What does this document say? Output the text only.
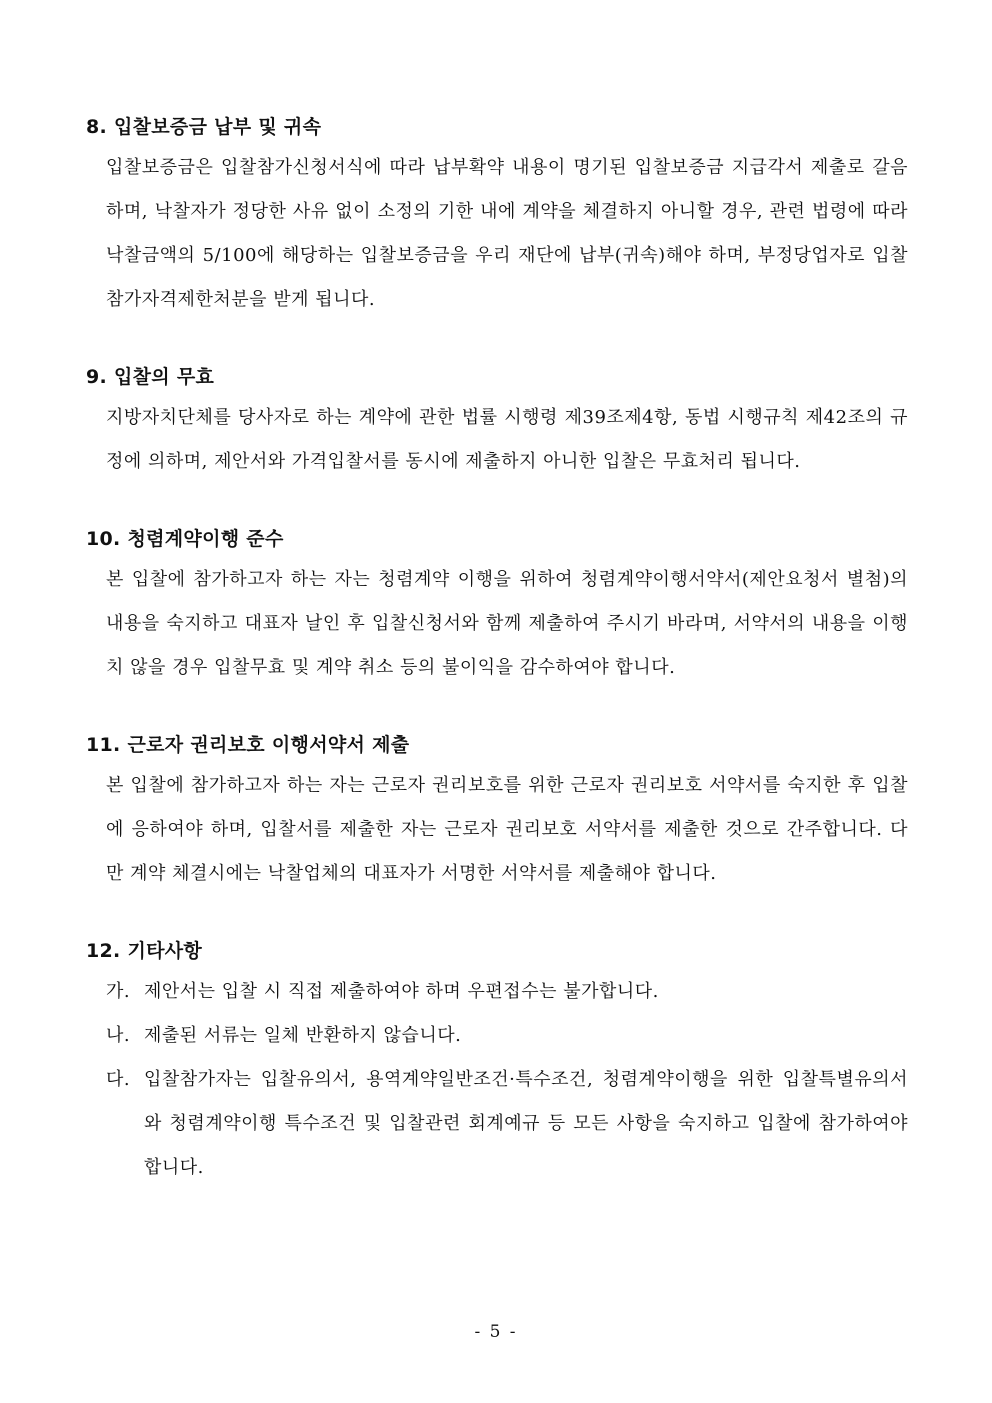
8. 입찰보증금 납부 및 귀속

입찰보증금은 입찰참가신청서식에 따라 납부확약 내용이 명기된 입찰보증금 지급각서 제출로 갈음하며, 낙찰자가 정당한 사유 없이 소정의 기한 내에 계약을 체결하지 아니할 경우, 관련 법령에 따라 낙찰금액의 5/100에 해당하는 입찰보증금을 우리 재단에 납부(귀속)해야 하며, 부정당업자로 입찰참가자격제한처분을 받게 됩니다.

9. 입찰의 무효

지방자치단체를 당사자로 하는 계약에 관한 법률 시행령 제39조제4항, 동법 시행규칙 제42조의 규정에 의하며, 제안서와 가격입찰서를 동시에 제출하지 아니한 입찰은 무효처리 됩니다.

10. 청렴계약이행 준수

본 입찰에 참가하고자 하는 자는 청렴계약 이행을 위하여 청렴계약이행서약서(제안요청서 별첨)의 내용을 숙지하고 대표자 날인 후 입찰신청서와 함께 제출하여 주시기 바라며, 서약서의 내용을 이행치 않을 경우 입찰무효 및 계약 취소 등의 불이익을 감수하여야 합니다.

11. 근로자 권리보호 이행서약서 제출

본 입찰에 참가하고자 하는 자는 근로자 권리보호를 위한 근로자 권리보호 서약서를 숙지한 후 입찰에 응하여야 하며, 입찰서를 제출한 자는 근로자 권리보호 서약서를 제출한 것으로 간주합니다. 다만 계약 체결시에는 낙찰업체의 대표자가 서명한 서약서를 제출해야 합니다.

12. 기타사항
가. 제안서는 입찰 시 직접 제출하여야 하며 우편접수는 불가합니다.
나. 제출된 서류는 일체 반환하지 않습니다.
다. 입찰참가자는 입찰유의서, 용역계약일반조건·특수조건, 청렴계약이행을 위한 입찰특별유의서와 청렴계약이행 특수조건 및 입찰관련 회계예규 등 모든 사항을 숙지하고 입찰에 참가하여야 합니다.
- 5 -
